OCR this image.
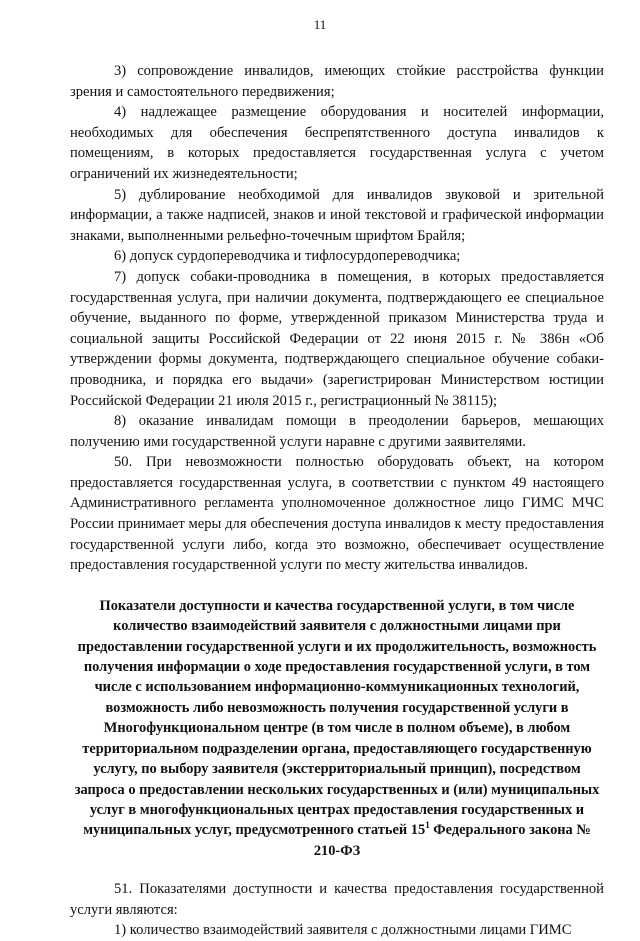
11

3) сопровождение инвалидов, имеющих стойкие расстройства функции зрения и самостоятельного передвижения;

4) надлежащее размещение оборудования и носителей информации, необходимых для обеспечения беспрепятственного доступа инвалидов к помещениям, в которых предоставляется государственная услуга с учетом ограничений их жизнедеятельности;

5) дублирование необходимой для инвалидов звуковой и зрительной информации, а также надписей, знаков и иной текстовой и графической информации знаками, выполненными рельефно-точечным шрифтом Брайля;

6) допуск сурдопереводчика и тифлосурдопереводчика;

7) допуск собаки-проводника в помещения, в которых предоставляется государственная услуга, при наличии документа, подтверждающего ее специальное обучение, выданного по форме, утвержденной приказом Министерства труда и социальной защиты Российской Федерации от 22 июня 2015 г. № 386н «Об утверждении формы документа, подтверждающего специальное обучение собаки-проводника, и порядка его выдачи» (зарегистрирован Министерством юстиции Российской Федерации 21 июля 2015 г., регистрационный № 38115);

8) оказание инвалидам помощи в преодолении барьеров, мешающих получению ими государственной услуги наравне с другими заявителями.

50. При невозможности полностью оборудовать объект, на котором предоставляется государственная услуга, в соответствии с пунктом 49 настоящего Административного регламента уполномоченное должностное лицо ГИМС МЧС России принимает меры для обеспечения доступа инвалидов к месту предоставления государственной услуги либо, когда это возможно, обеспечивает осуществление предоставления государственной услуги по месту жительства инвалидов.

Показатели доступности и качества государственной услуги, в том числе количество взаимодействий заявителя с должностными лицами при предоставлении государственной услуги и их продолжительность, возможность получения информации о ходе предоставления государственной услуги, в том числе с использованием информационно-коммуникационных технологий, возможность либо невозможность получения государственной услуги в Многофункциональном центре (в том числе в полном объеме), в любом территориальном подразделении органа, предоставляющего государственную услугу, по выбору заявителя (экстерриториальный принцип), посредством запроса о предоставлении нескольких государственных и (или) муниципальных услуг в многофункциональных центрах предоставления государственных и муниципальных услуг, предусмотренного статьей $15^1$ Федерального закона № 210-ФЗ

51. Показателями доступности и качества предоставления государственной услуги являются:

1) количество взаимодействий заявителя с должностными лицами ГИМС
